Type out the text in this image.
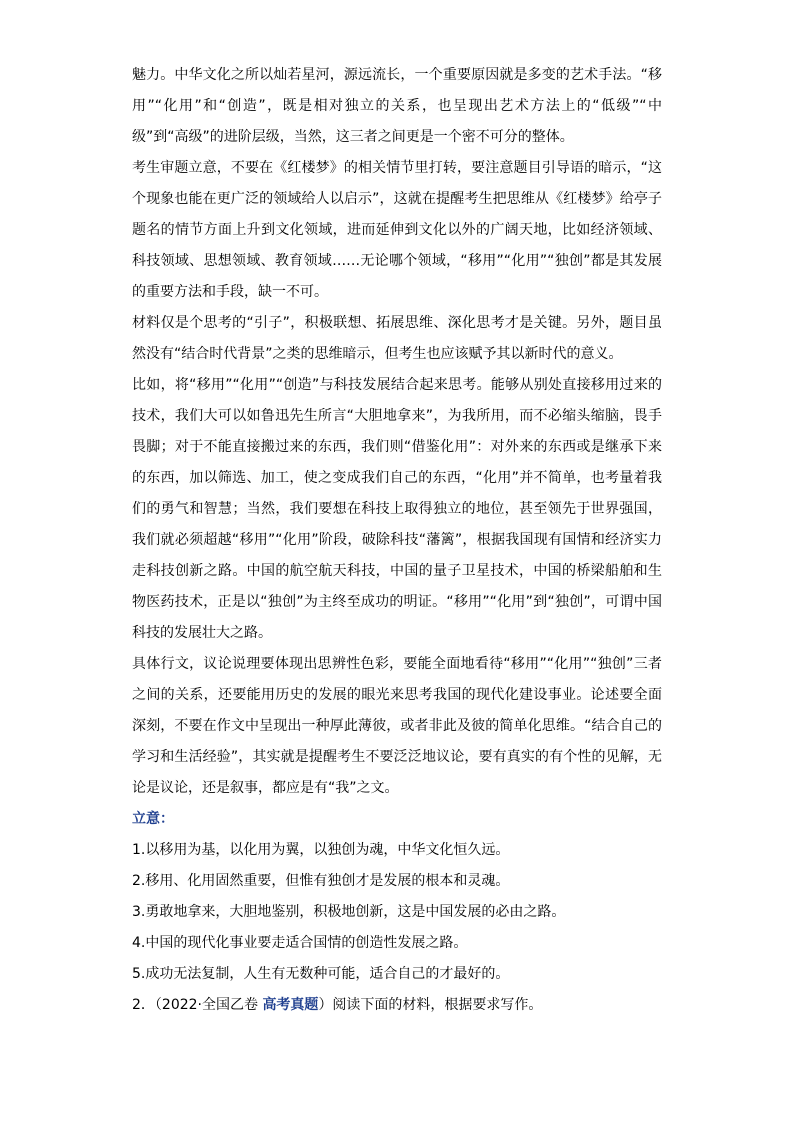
魅力。中华文化之所以灿若星河，源远流长，一个重要原因就是多变的艺术手法。“移用”“化用”和“创造”，既是相对独立的关系，也呈现出艺术方法上的“低级”“中级”到“高级”的进阶层级，当然，这三者之间更是一个密不可分的整体。

考生审题立意，不要在《红楼梦》的相关情节里打转，要注意题目引导语的暗示，“这个现象也能在更广泛的领域给人以启示”，这就在提醒考生把思维从《红楼梦》给亭子题名的情节方面上升到文化领域，进而延伸到文化以外的广阔天地，比如经济领域、科技领域、思想领域、教育领域……无论哪个领域，“移用”“化用”“独创”都是其发展的重要方法和手段，缺一不可。

材料仅是个思考的“引子”，积极联想、拓展思维、深化思考才是关键。另外，题目虽然没有“结合时代背景”之类的思维暗示，但考生也应该赋予其以新时代的意义。

比如，将“移用”“化用”“创造”与科技发展结合起来思考。能够从别处直接移用过来的技术，我们大可以如鲁迅先生所言“大胆地拿来”，为我所用，而不必缩头缩脑，畏手畏脚；对于不能直接搬过来的东西，我们则“借鉴化用”：对外来的东西或是继承下来的东西，加以筛选、加工，使之变成我们自己的东西，“化用”并不简单，也考量着我们的勇气和智慧；当然，我们要想在科技上取得独立的地位，甚至领先于世界强国，我们就必须超越“移用”“化用”阶段，破除科技“藩篱”，根据我国现有国情和经济实力走科技创新之路。中国的航空航天科技，中国的量子卫星技术，中国的桥梁船舶和生物医药技术，正是以“独创”为主终至成功的明证。“移用”“化用”到“独创”，可谓中国科技的发展壮大之路。

具体行文，议论说理要体现出思辨性色彩，要能全面地看待“移用”“化用”“独创”三者之间的关系，还要能用历史的发展的眼光来思考我国的现代化建设事业。论述要全面深刻，不要在作文中呈现出一种厚此薄彼，或者非此及彼的简单化思维。“结合自己的学习和生活经验”，其实就是提醒考生不要泛泛地议论，要有真实的有个性的见解，无论是议论，还是叙事，都应是有“我”之文。

立意：

1.以移用为基，以化用为翼，以独创为魂，中华文化恒久远。

2.移用、化用固然重要，但惟有独创才是发展的根本和灵魂。

3.勇敢地拿来，大胆地鉴别，积极地创新，这是中国发展的必由之路。

4.中国的现代化事业要走适合国情的创造性发展之路。

5.成功无法复制，人生有无数种可能，适合自己的才最好的。

2．（2022·全国乙卷 高考真题）阅读下面的材料，根据要求写作。
